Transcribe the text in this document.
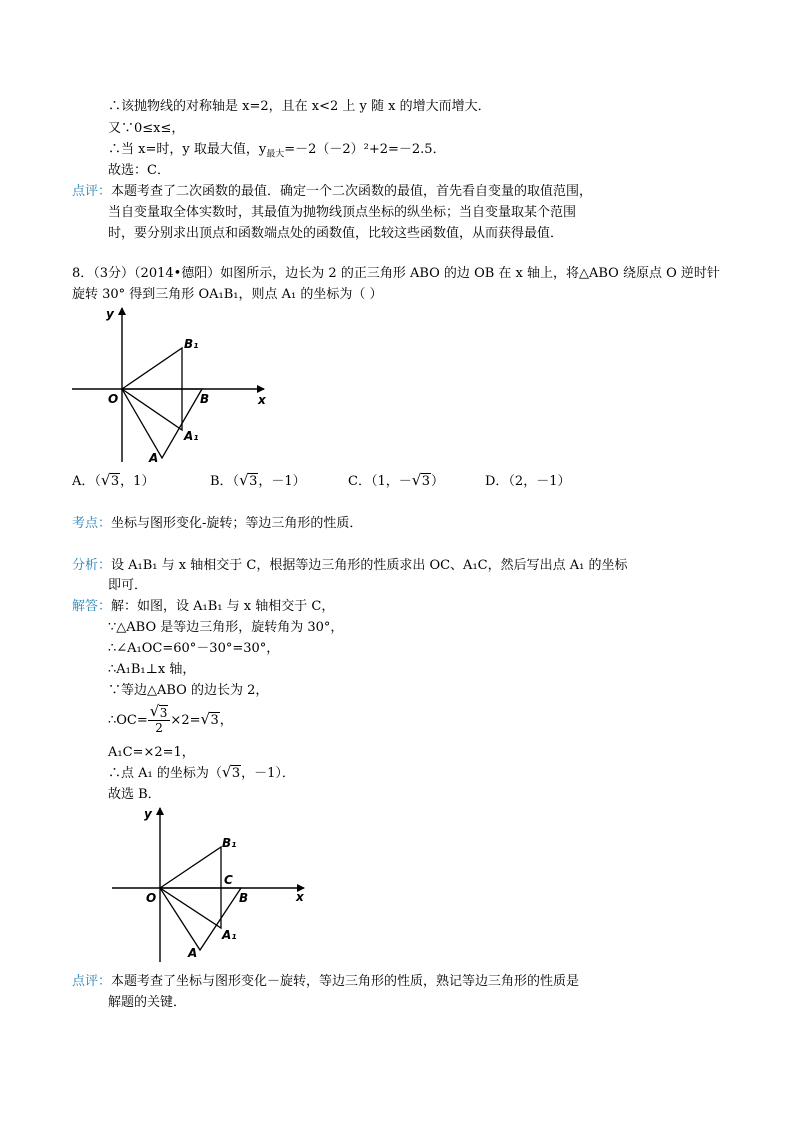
∴该抛物线的对称轴是 x=2，且在 x<2 上 y 随 x 的增大而增大．
又∵0≤x≤，
∴当 x=时，y 取最大值，$y_{最大}=-2(-2)^2+2=-2.5$．
故选：C．
点评：本题考查了二次函数的最值．确定一个二次函数的最值，首先看自变量的取值范围，
当自变量取全体实数时，其最值为抛物线顶点坐标的纵坐标；当自变量取某个范围
时，要分别求出顶点和函数端点处的函数值，比较这些函数值，从而获得最值．
8．（3分）（2014•德阳）如图所示，边长为 2 的正三角形 ABO 的边 OB 在 x 轴上，将△ABO 绕原点 O 逆时针
旋转 30° 得到三角形 OA₁B₁，则点 A₁ 的坐标为（ ）
y
x
O	B
B₁
A₁
A
A．（ √ 3，1）	B．（ √ 3，－1）	C．（1，－ √ 3）	D．（2，－1）
考点：坐标与图形变化-旋转；等边三角形的性质．
分析：设 A₁B₁ 与 x 轴相交于 C，根据等边三角形的性质求出 OC、A₁C，然后写出点 A₁ 的坐标
即可．
解答：解：如图，设 A₁B₁ 与 x 轴相交于 C，
∵△ABO 是等边三角形，旋转角为 30°，
∴∠A₁OC=60°－30°=30°，
∴A₁B₁⊥x 轴，
∵等边△ABO 的边长为 2，
∴OC= $\frac{√ 3}{2} \times 2=$ √ 3，
A₁C=×2=1，
∴点 A₁ 的坐标为（ √ 3，－1）．
故选 B．
y
x
O
C
B
B₁
A₁
A
点评：本题考查了坐标与图形变化－旋转，等边三角形的性质，熟记等边三角形的性质是
解题的关键．
